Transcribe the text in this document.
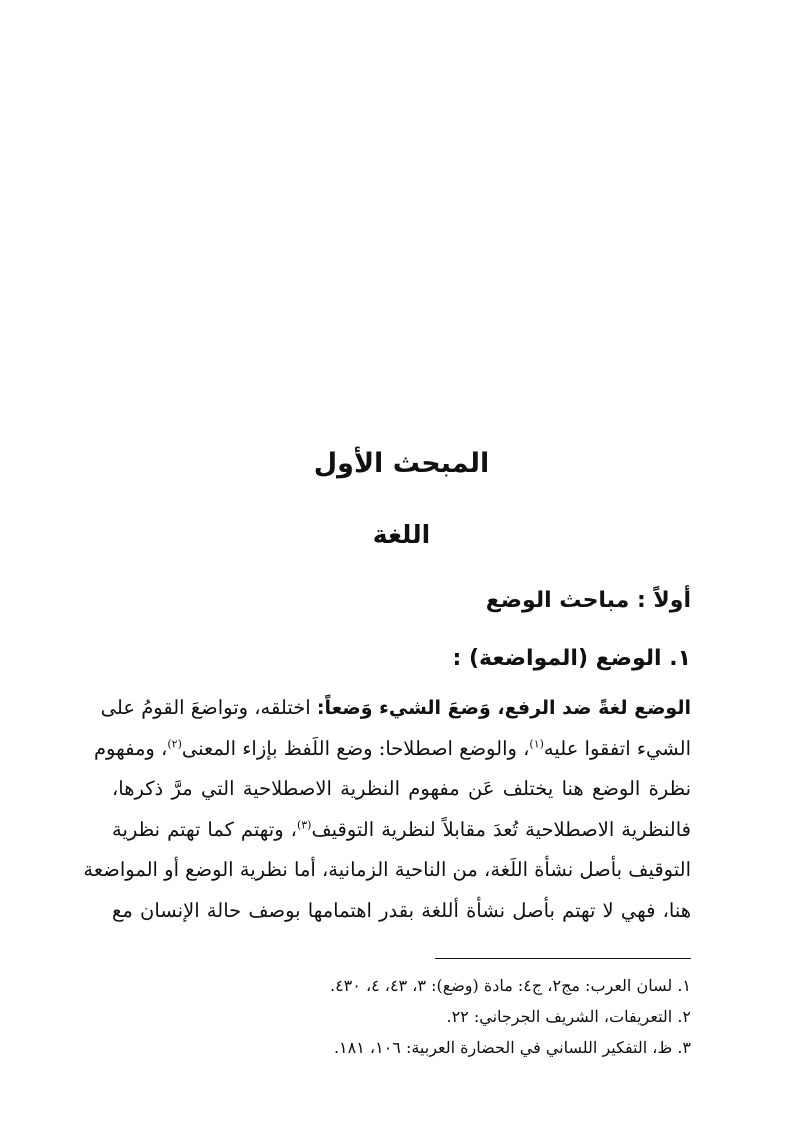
المبحث الأول
اللغة
أولاً : مباحث الوضع
١. الوضع (المواضعة) :
الوضع لغةً ضد الرفع، وَضعَ الشيء وَضعاً: اختلقه، وتواضعَ القومُ على
الشيء اتفقوا عليه$^{(١)}$، والوضع اصطلاحا: وضع اللَفظ بإزاء المعنى$^{(٢)}$، ومفهوم
نظرة الوضع هنا يختلف عَن مفهوم النظرية الاصطلاحية التي مرَّ ذكرها،
فالنظرية الاصطلاحية تُعدَ مقابلاً لنظرية التوقيف$^{(٣)}$، وتهتم كما تهتم نظرية
التوقيف بأصل نشأة اللَغة، من الناحية الزمانية، أما نظرية الوضع أو المواضعة
هنا، فهي لا تهتم بأصل نشأة أللغة بقدر اهتمامها بوصف حالة الإنسان مع
١. لسان العرب: مج٢، ج٤: مادة (وضع): ٣، ٤٣، ٤، ٤٣٠.
٢. التعريفات، الشريف الجرجاني: ٢٢.
٣. ظ، التفكير اللساني في الحضارة العربية: ١٠٦، ١٨١.
